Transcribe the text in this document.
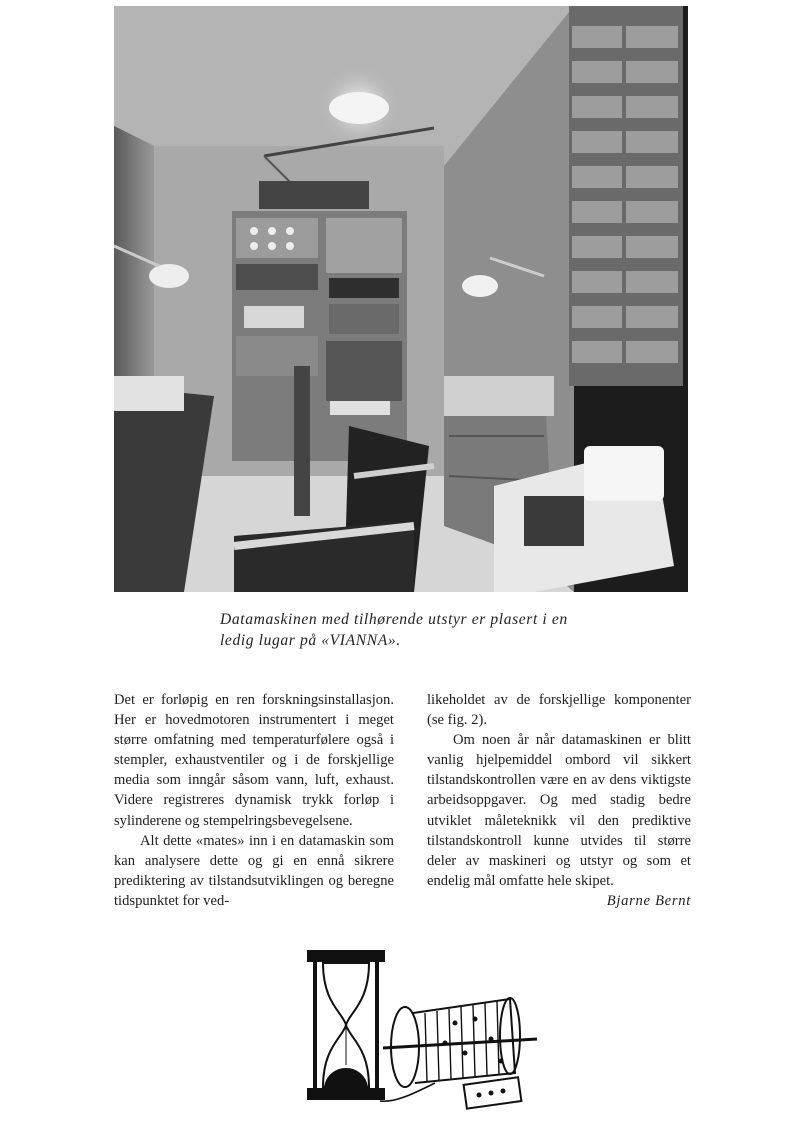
Datamaskinen med tilhørende utstyr er plasert i en ledig lugar på «VIANNA».

Det er forløpig en ren forskningsinstallasjon. Her er hovedmotoren instrumentert i meget større omfatning med temperaturfølere også i stempler, exhaustventiler og i de forskjellige media som inngår såsom vann, luft, exhaust. Videre registreres dynamisk trykk forløp i sylinderene og stempelringsbevegelsene.

Alt dette «mates» inn i en datamaskin som kan analysere dette og gi en ennå sikrere prediktering av tilstandsutviklingen og beregne tidspunktet for ved-

likeholdet av de forskjellige komponenter (se fig. 2).

Om noen år når datamaskinen er blitt vanlig hjelpemiddel ombord vil sikkert tilstandskontrollen være en av dens viktigste arbeidsoppgaver. Og med stadig bedre utviklet måleteknikk vil den prediktive tilstandskontroll kunne utvides til større deler av maskineri og utstyr og som et endelig mål omfatte hele skipet.
Bjarne Bernt
